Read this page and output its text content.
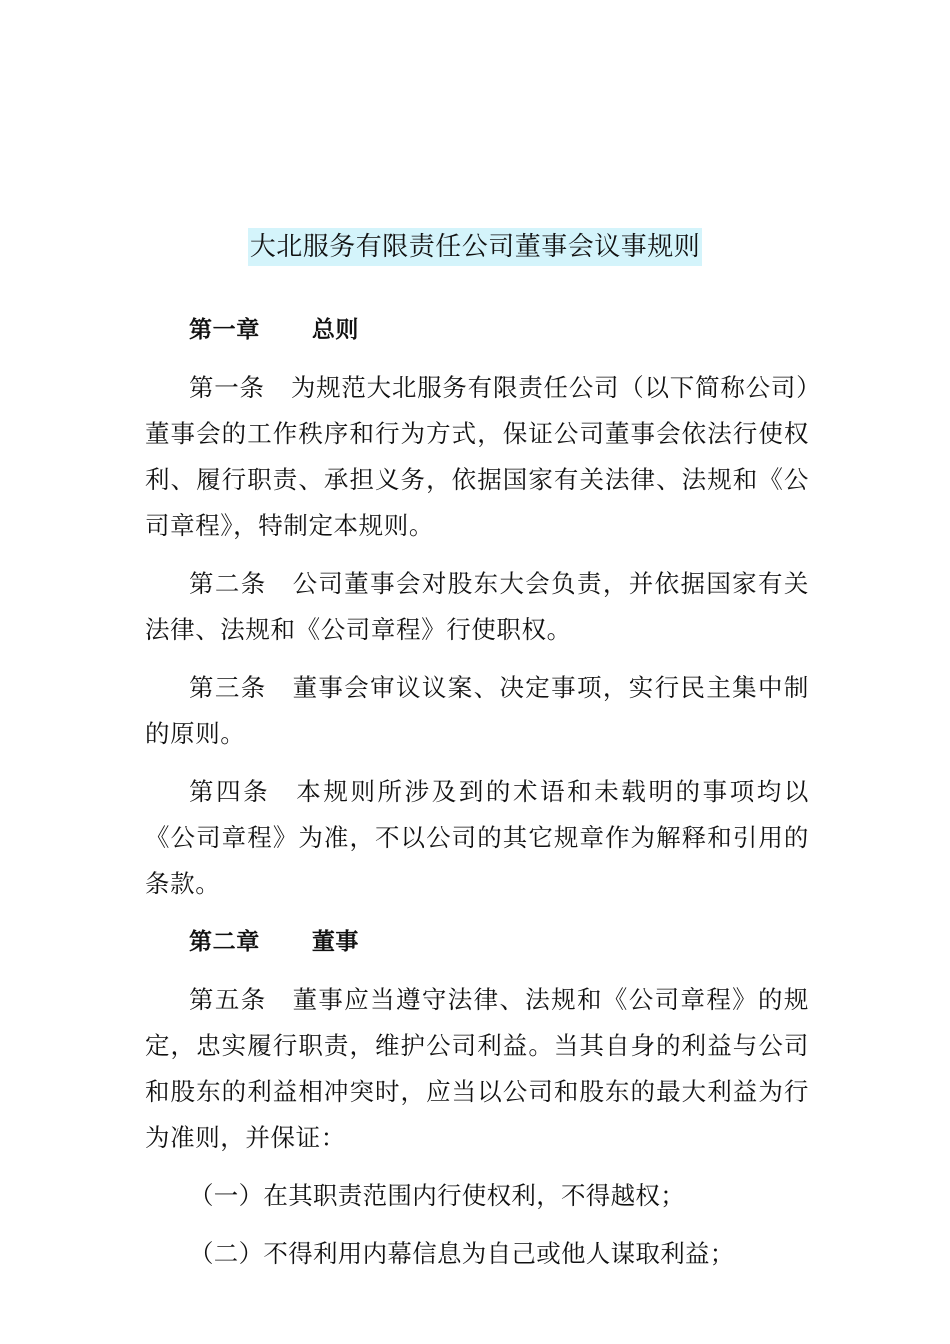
大北服务有限责任公司董事会议事规则
第一章 总则

第一条 为规范大北服务有限责任公司（以下简称公司）董事会的工作秩序和行为方式，保证公司董事会依法行使权利、履行职责、承担义务，依据国家有关法律、法规和《公司章程》，特制定本规则。

第二条 公司董事会对股东大会负责，并依据国家有关法律、法规和《公司章程》行使职权。

第三条 董事会审议议案、决定事项，实行民主集中制的原则。

第四条 本规则所涉及到的术语和未载明的事项均以《公司章程》为准，不以公司的其它规章作为解释和引用的条款。

第二章 董事

第五条 董事应当遵守法律、法规和《公司章程》的规定，忠实履行职责，维护公司利益。当其自身的利益与公司和股东的利益相冲突时，应当以公司和股东的最大利益为行为准则，并保证：

（一）在其职责范围内行使权利，不得越权；
（二）不得利用内幕信息为自己或他人谋取利益；
